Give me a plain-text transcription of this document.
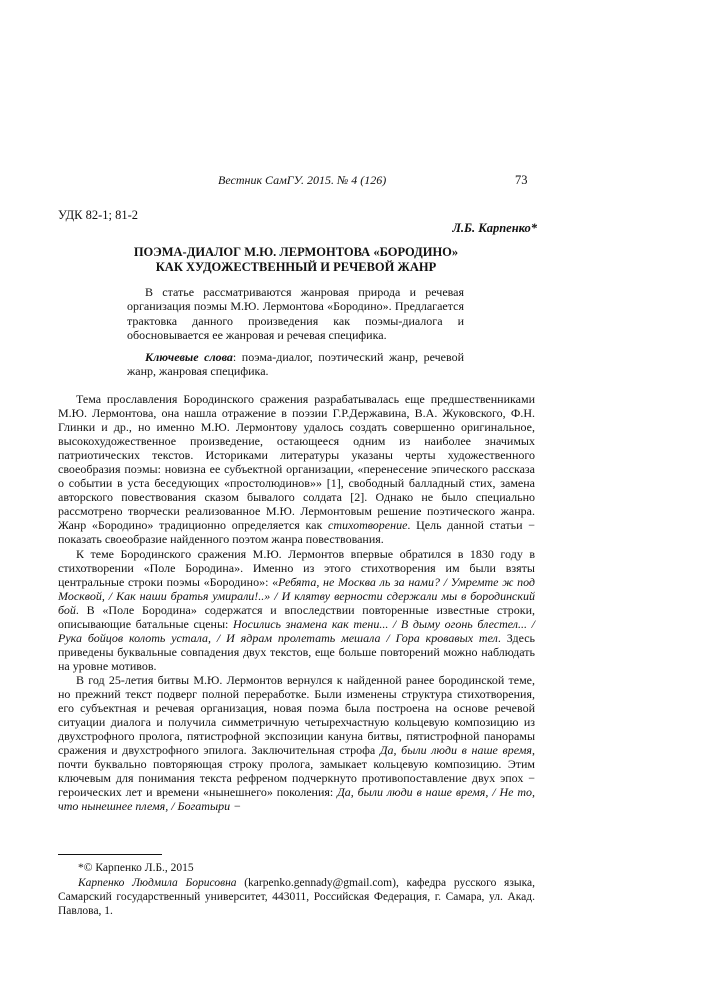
Вестник СамГУ. 2015. № 4 (126)	73
УДК 82-1; 81-2
Л.Б. Карпенко*
ПОЭМА-ДИАЛОГ М.Ю. ЛЕРМОНТОВА «БОРОДИНО»
КАК ХУДОЖЕСТВЕННЫЙ И РЕЧЕВОЙ ЖАНР
В статье рассматриваются жанровая природа и речевая организация поэмы М.Ю. Лермонтова «Бородино». Предлагается трактовка данного произведения как поэмы-диалога и обосновывается ее жанровая и речевая специфика.
Ключевые слова: поэма-диалог, поэтический жанр, речевой жанр, жанровая специфика.

Тема прославления Бородинского сражения разрабатывалась еще предшественниками М.Ю. Лермонтова, она нашла отражение в поэзии Г.Р.Державина, В.А. Жуковского, Ф.Н. Глинки и др., но именно М.Ю. Лермонтову удалось создать совершенно оригинальное, высокохудожественное произведение, остающееся одним из наиболее значимых патриотических текстов. Историками литературы указаны черты художественного своеобразия поэмы: новизна ее субъектной организации, «перенесение эпического рассказа о событии в уста беседующих «простолюдинов»» [1], свободный балладный стих, замена авторского повествования сказом бывалого солдата [2]. Однако не было специально рассмотрено творчески реализованное М.Ю. Лермонтовым решение поэтического жанра. Жанр «Бородино» традиционно определяется как стихотворение. Цель данной статьи − показать своеобразие найденного поэтом жанра повествования.

К теме Бородинского сражения М.Ю. Лермонтов впервые обратился в 1830 году в стихотворении «Поле Бородина». Именно из этого стихотворения им были взяты центральные строки поэмы «Бородино»: «Ребята, не Москва ль за нами? / Умремте ж под Москвой, / Как наши братья умирали!..» / И клятву верности сдержали мы в бородинский бой. В «Поле Бородина» содержатся и впоследствии повторенные известные строки, описывающие батальные сцены: Носились знамена как тени... / В дыму огонь блестел... / Рука бойцов колоть устала, / И ядрам пролетать мешала / Гора кровавых тел. Здесь приведены буквальные совпадения двух текстов, еще больше повторений можно наблюдать на уровне мотивов.

В год 25-летия битвы М.Ю. Лермонтов вернулся к найденной ранее бородинской теме, но прежний текст подверг полной переработке. Были изменены структура стихотворения, его субъектная и речевая организация, новая поэма была построена на основе речевой ситуации диалога и получила симметричную четырехчастную кольцевую композицию из двухстрофного пролога, пятистрофной экспозиции кануна битвы, пятистрофной панорамы сражения и двухстрофного эпилога. Заключительная строфа Да, были люди в наше время, почти буквально повторяющая строку пролога, замыкает кольцевую композицию. Этим ключевым для понимания текста рефреном подчеркнуто противопоставление двух эпох − героических лет и времени «нынешнего» поколения: Да, были люди в наше время, / Не то, что нынешнее племя, / Богатыри −

*© Карпенко Л.Б., 2015
Карпенко Людмила Борисовна (karpenko.gennady@gmail.com), кафедра русского языка, Самарский государственный университет, 443011, Российская Федерация, г. Самара, ул. Акад. Павлова, 1.
